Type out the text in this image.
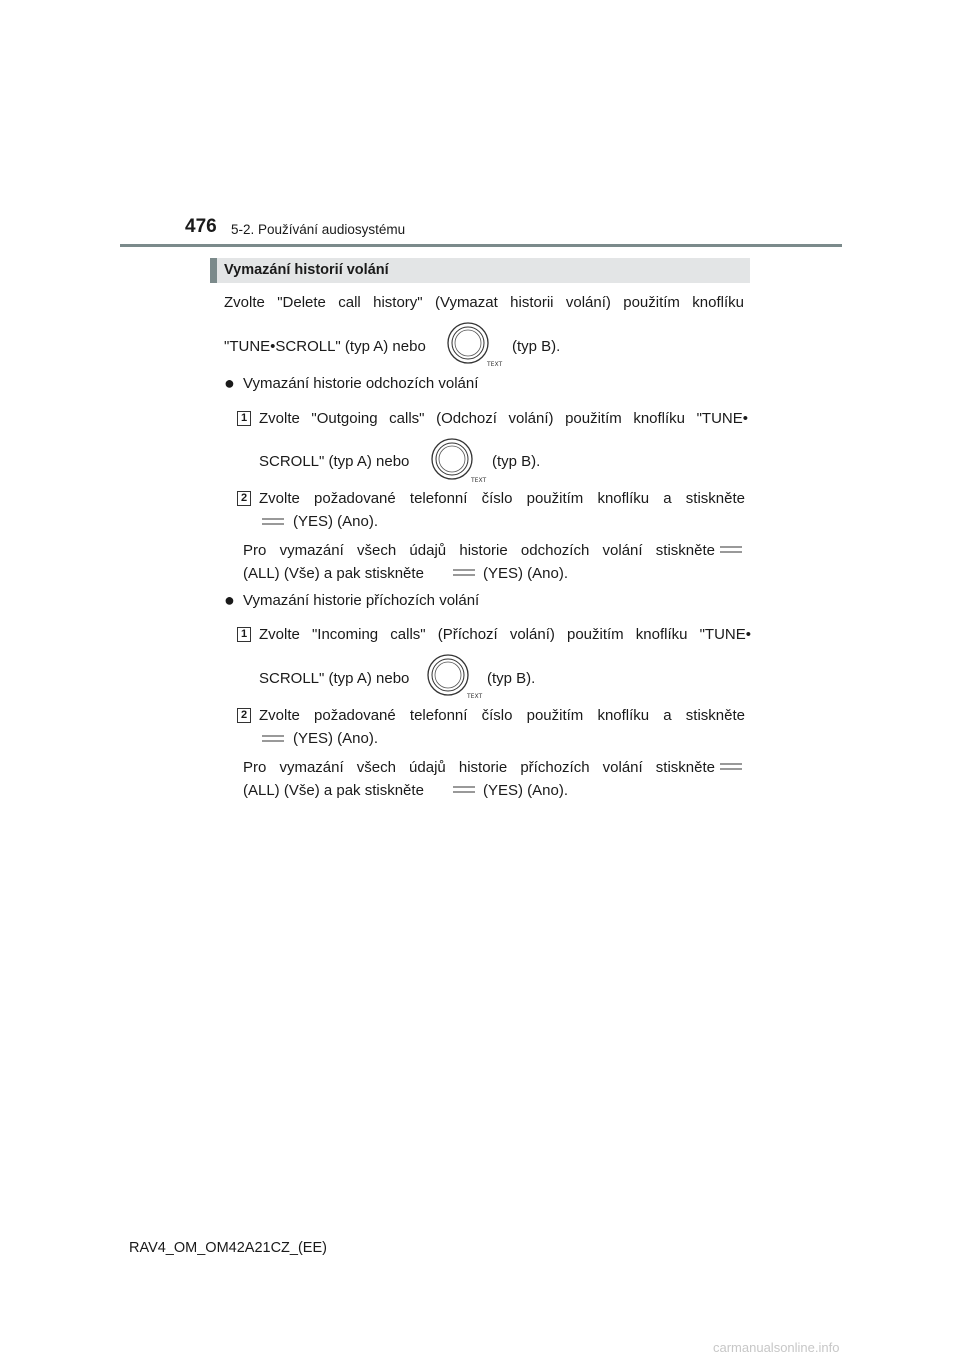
476 5-2. Používání audiosystému
Vymazání historií volání
Zvolte "Delete call history" (Vymazat historii volání) použitím knoflíku
"TUNE•SCROLL" (typ A) nebo
TEXT
(typ B).
● Vymazání historie odchozích volání
1 Zvolte "Outgoing calls" (Odchozí volání) použitím knoflíku "TUNE•
SCROLL" (typ A) nebo
TEXT
(typ B).
2 Zvolte požadované telefonní číslo použitím knoflíku a stiskněte
(YES) (Ano).
Pro vymazání všech údajů historie odchozích volání stiskněte
(ALL) (Vše) a pak stiskněte	(YES) (Ano).
● Vymazání historie příchozích volání
1 Zvolte "Incoming calls" (Příchozí volání) použitím knoflíku "TUNE•
SCROLL" (typ A) nebo
TEXT
(typ B).
2 Zvolte požadované telefonní číslo použitím knoflíku a stiskněte
(YES) (Ano).
Pro vymazání všech údajů historie příchozích volání stiskněte
(ALL) (Vše) a pak stiskněte	(YES) (Ano).
RAV4_OM_OM42A21CZ_(EE)
carmanualsonline.info
